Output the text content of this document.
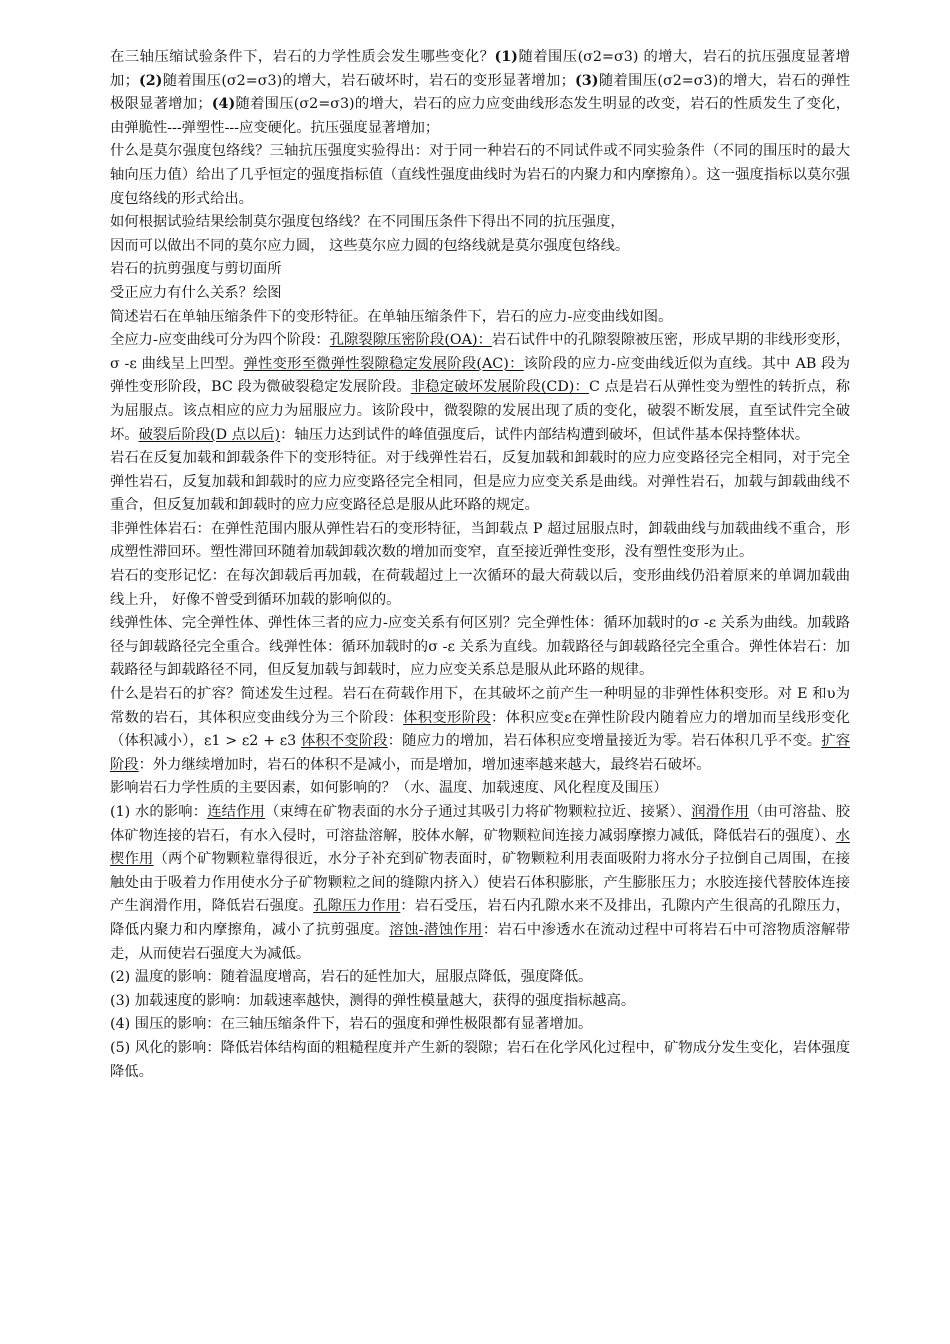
在三轴压缩试验条件下，岩石的力学性质会发生哪些变化？(1)随着围压(σ2=σ3) 的增大，岩石的抗压强度显著增加；(2)随着围压(σ2=σ3)的增大，岩石破坏时，岩石的变形显著增加；(3)随着围压(σ2=σ3)的增大，岩石的弹性极限显著增加；(4)随着围压(σ2=σ3)的增大，岩石的应力应变曲线形态发生明显的改变，岩石的性质发生了变化，由弹脆性---弹塑性---应变硬化。抗压强度显著增加；

什么是莫尔强度包络线？三轴抗压强度实验得出：对于同一种岩石的不同试件或不同实验条件（不同的围压时的最大轴向压力值）给出了几乎恒定的强度指标值（直线性强度曲线时为岩石的内聚力和内摩擦角）。这一强度指标以莫尔强度包络线的形式给出。

如何根据试验结果绘制莫尔强度包络线？在不同围压条件下得出不同的抗压强度，

因而可以做出不同的莫尔应力圆， 这些莫尔应力圆的包络线就是莫尔强度包络线。

岩石的抗剪强度与剪切面所

受正应力有什么关系？绘图

简述岩石在单轴压缩条件下的变形特征。在单轴压缩条件下，岩石的应力-应变曲线如图。

全应力-应变曲线可分为四个阶段：孔隙裂隙压密阶段(OA)：岩石试件中的孔隙裂隙被压密，形成早期的非线形变形，σ -ε 曲线呈上凹型。弹性变形至微弹性裂隙稳定发展阶段(AC)：该阶段的应力-应变曲线近似为直线。其中 AB 段为弹性变形阶段，BC 段为微破裂稳定发展阶段。非稳定破坏发展阶段(CD)：C 点是岩石从弹性变为塑性的转折点，称为屈服点。该点相应的应力为屈服应力。该阶段中，微裂隙的发展出现了质的变化，破裂不断发展，直至试件完全破坏。破裂后阶段(D 点以后)：轴压力达到试件的峰值强度后，试件内部结构遭到破坏，但试件基本保持整体状。

岩石在反复加载和卸载条件下的变形特征。对于线弹性岩石，反复加载和卸载时的应力应变路径完全相同，对于完全弹性岩石，反复加载和卸载时的应力应变路径完全相同，但是应力应变关系是曲线。对弹性岩石，加载与卸载曲线不重合，但反复加载和卸载时的应力应变路径总是服从此环路的规定。

非弹性体岩石：在弹性范围内服从弹性岩石的变形特征，当卸载点 P 超过屈服点时，卸载曲线与加载曲线不重合，形成塑性滞回环。塑性滞回环随着加载卸载次数的增加而变窄，直至接近弹性变形，没有塑性变形为止。

岩石的变形记忆：在每次卸载后再加载，在荷载超过上一次循环的最大荷载以后，变形曲线仍沿着原来的单调加载曲线上升， 好像不曾受到循环加载的影响似的。

线弹性体、完全弹性体、弹性体三者的应力-应变关系有何区别？完全弹性体：循环加载时的σ -ε 关系为曲线。加载路径与卸载路径完全重合。线弹性体：循环加载时的σ -ε 关系为直线。加载路径与卸载路径完全重合。弹性体岩石：加载路径与卸载路径不同，但反复加载与卸载时，应力应变关系总是服从此环路的规律。

什么是岩石的扩容？简述发生过程。岩石在荷载作用下，在其破坏之前产生一种明显的非弹性体积变形。对 E 和υ为常数的岩石，其体积应变曲线分为三个阶段：体积变形阶段：体积应变ε在弹性阶段内随着应力的增加而呈线形变化（体积减小），ε1 > ε2 + ε3 体积不变阶段：随应力的增加，岩石体积应变增量接近为零。岩石体积几乎不变。扩容阶段：外力继续增加时，岩石的体积不是减小，而是增加，增加速率越来越大，最终岩石破坏。

影响岩石力学性质的主要因素，如何影响的？（水、温度、加载速度、风化程度及围压）

(1) 水的影响：连结作用（束缚在矿物表面的水分子通过其吸引力将矿物颗粒拉近、接紧）、润滑作用（由可溶盐、胶体矿物连接的岩石，有水入侵时，可溶盐溶解，胶体水解，矿物颗粒间连接力减弱摩擦力减低，降低岩石的强度）、水楔作用（两个矿物颗粒靠得很近，水分子补充到矿物表面时，矿物颗粒利用表面吸附力将水分子拉倒自己周围，在接触处由于吸着力作用使水分子矿物颗粒之间的缝隙内挤入）使岩石体积膨胀，产生膨胀压力；水胶连接代替胶体连接产生润滑作用，降低岩石强度。孔隙压力作用：岩石受压，岩石内孔隙水来不及排出，孔隙内产生很高的孔隙压力，降低内聚力和内摩擦角，减小了抗剪强度。溶蚀-潜蚀作用：岩石中渗透水在流动过程中可将岩石中可溶物质溶解带走，从而使岩石强度大为减低。

(2) 温度的影响：随着温度增高，岩石的延性加大，屈服点降低，强度降低。

(3) 加载速度的影响：加载速率越快，测得的弹性模量越大，获得的强度指标越高。

(4) 围压的影响：在三轴压缩条件下，岩石的强度和弹性极限都有显著增加。

(5) 风化的影响：降低岩体结构面的粗糙程度并产生新的裂隙；岩石在化学风化过程中，矿物成分发生变化，岩体强度降低。
